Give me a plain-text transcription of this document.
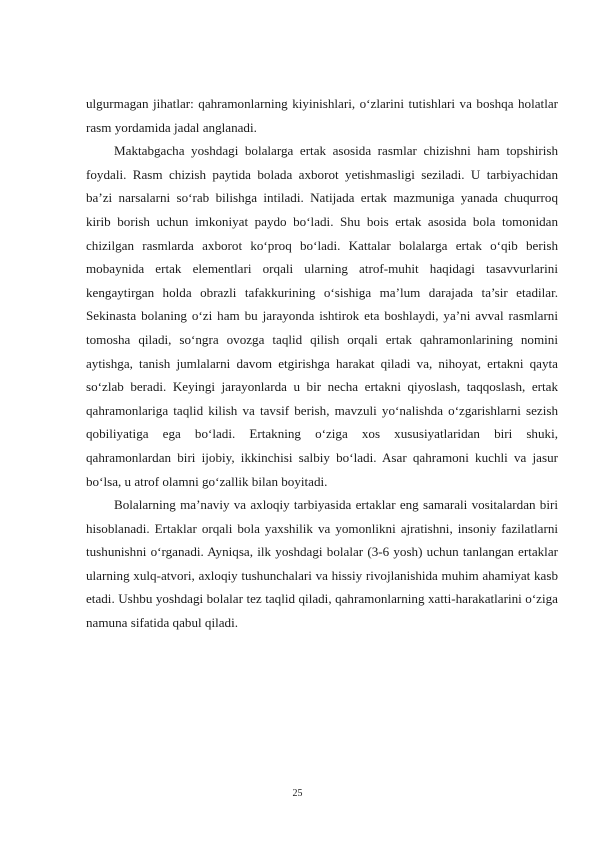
ulgurmagan jihatlar: qahramonlarning kiyinishlari, o‘zlarini tutishlari va boshqa holatlar rasm yordamida jadal anglanadi.

Maktabgacha yoshdagi bolalarga ertak asosida rasmlar chizishni ham topshirish foydali. Rasm chizish paytida bolada axborot yetishmasligi seziladi. U tarbiyachidan ba’zi narsalarni so‘rab bilishga intiladi. Natijada ertak mazmuniga yanada chuqurroq kirib borish uchun imkoniyat paydo bo‘ladi. Shu bois ertak asosida bola tomonidan chizilgan rasmlarda axborot ko‘proq bo‘ladi. Kattalar bolalarga ertak o‘qib berish mobaynida ertak elementlari orqali ularning atrof-muhit haqidagi tasavvurlarini kengaytirgan holda obrazli tafakkurining o‘sishiga ma’lum darajada ta’sir etadilar. Sekinasta bolaning o‘zi ham bu jarayonda ishtirok eta boshlaydi, ya’ni avval rasmlarni tomosha qiladi, so‘ngra ovozga taqlid qilish orqali ertak qahramonlarining nomini aytishga, tanish jumlalarni davom etgirishga harakat qiladi va, nihoyat, ertakni qayta so‘zlab beradi. Keyingi jarayonlarda u bir necha ertakni qiyoslash, taqqoslash, ertak qahramonlariga taqlid kilish va tavsif berish, mavzuli yo‘nalishda o‘zgarishlarni sezish qobiliyatiga ega bo‘ladi. Ertakning o‘ziga xos xususiyatlaridan biri shuki, qahramonlardan biri ijobiy, ikkinchisi salbiy bo‘ladi. Asar qahramoni kuchli va jasur bo‘lsa, u atrof olamni go‘zallik bilan boyitadi.

Bolalarning ma’naviy va axloqiy tarbiyasida ertaklar eng samarali vositalardan biri hisoblanadi. Ertaklar orqali bola yaxshilik va yomonlikni ajratishni, insoniy fazilatlarni tushunishni o‘rganadi. Ayniqsa, ilk yoshdagi bolalar (3-6 yosh) uchun tanlangan ertaklar ularning xulq-atvori, axloqiy tushunchalari va hissiy rivojlanishida muhim ahamiyat kasb etadi. Ushbu yoshdagi bolalar tez taqlid qiladi, qahramonlarning xatti-harakatlarini o‘ziga namuna sifatida qabul qiladi.

25
